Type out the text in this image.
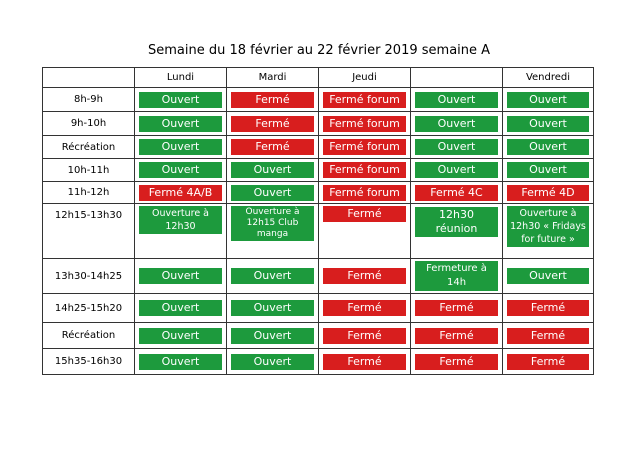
Semaine du 18 février au 22 février 2019 semaine A
	Lundi	Mardi	Jeudi		Vendredi
8h-9h	Ouvert	Fermé	Fermé forum	Ouvert	Ouvert

9h-10h	Ouvert	Fermé	Fermé forum	Ouvert	Ouvert

Récréation	Ouvert	Fermé	Fermé forum	Ouvert	Ouvert

10h-11h	Ouvert	Ouvert	Fermé forum	Ouvert	Ouvert

11h-12h	Fermé 4A/B	Ouvert	Fermé forum	Fermé 4C	Fermé 4D

12h15-13h30	Ouverture à 12h30	Ouverture à 12h15 Club manga	Fermé	12h30 réunion	Ouverture à 12h30 « Fridays for future »

13h30-14h25	Ouvert	Ouvert	Fermé	Fermeture à 14h	Ouvert

14h25-15h20	Ouvert	Ouvert	Fermé	Fermé	Fermé

Récréation	Ouvert	Ouvert	Fermé	Fermé	Fermé

15h35-16h30	Ouvert	Ouvert	Fermé	Fermé	Fermé
